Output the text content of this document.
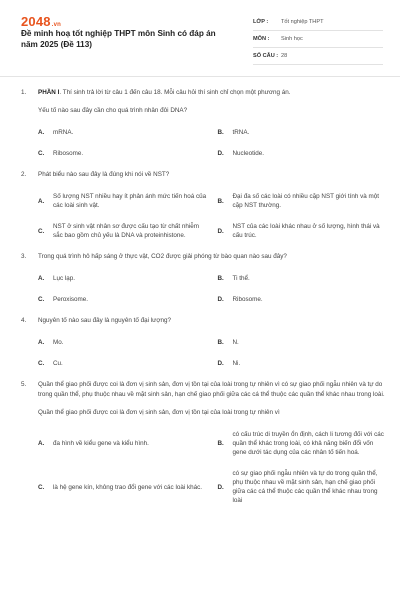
2048.vn
Đề minh hoạ tốt nghiệp THPT môn Sinh có đáp án năm 2025 (Đề 113)
LỚP :	Tốt nghiệp THPT
MÔN :	Sinh học
SỐ CÂU : 28
1.	PHẦN I. Thí sinh trả lời từ câu 1 đến câu 18. Mỗi câu hỏi thí sinh chỉ chọn một phương án.
Yếu tố nào sau đây cần cho quá trình nhân đôi DNA?
A.	mRNA.	B.	tRNA.
C.	Ribosome.	D.	Nucleotide.
2.	Phát biểu nào sau đây là đúng khi nói về NST?
A.
Số lượng NST nhiều hay ít phản ánh mức tiến hoá của các loài sinh vật.
B.
Đại đa số các loài có nhiều cặp NST giới tính và một cặp NST thường.
C.
NST ở sinh vật nhân sơ được cấu tạo từ chất nhiễm sắc bao gồm chủ yếu là DNA và proteinhistone.
D.
NST của các loài khác nhau ở số lượng, hình thái và cấu trúc.
3.	Trong quá trình hô hấp sáng ở thực vật, CO2 được giải phóng từ bào quan nào sau đây?
A.	Lục lạp.	B.	Ti thể.
C.	Peroxisome.	D.	Ribosome.
4.	Nguyên tố nào sau đây là nguyên tố đại lượng?
A.	Mo.	B.	N.
C.	Cu.	D.	Ni.
5.	Quần thể giao phối được coi là đơn vị sinh sản, đơn vị tồn tại của loài trong tự nhiên vì có sự giao phối ngẫu nhiên và tự do trong quần thể, phụ thuộc nhau về mặt sinh sản, hạn chế giao phối giữa các cá thể thuộc các quần thể khác nhau trong loài.
Quần thể giao phối được coi là đơn vị sinh sản, đơn vị tồn tại của loài trong tự nhiên vì
A.	đa hình về kiểu gene và kiểu hình.	B.
có cấu trúc di truyền ổn định, cách li tương đối với các quần thể khác trong loài, có khả năng biến đổi vốn gene dưới tác dụng của các nhân tố tiến hoá.
C.	là hệ gene kín, không trao đổi gene với các loài khác. D.
có sự giao phối ngẫu nhiên và tự do trong quần thể, phụ thuộc nhau về mặt sinh sản, hạn chế giao phối giữa các cá thể thuộc các quần thể khác nhau trong loài
